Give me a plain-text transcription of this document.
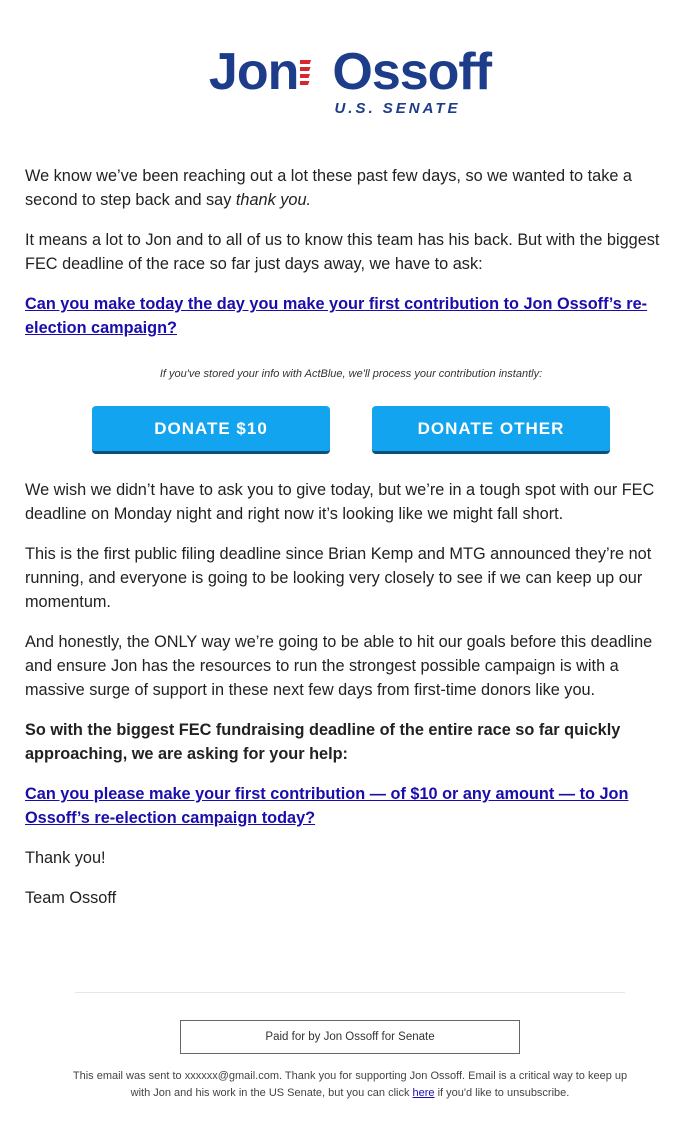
Jon Ossoff
U.S. SENATE

We know we’ve been reaching out a lot these past few days, so we wanted to take a second to step back and say thank you.

It means a lot to Jon and to all of us to know this team has his back. But with the biggest FEC deadline of the race so far just days away, we have to ask:

Can you make today the day you make your first contribution to Jon Ossoff’s re-election campaign?

If you've stored your info with ActBlue, we'll process your contribution instantly:
DONATE $10	DONATE OTHER

We wish we didn’t have to ask you to give today, but we’re in a tough spot with our FEC deadline on Monday night and right now it’s looking like we might fall short.

This is the first public filing deadline since Brian Kemp and MTG announced they’re not running, and everyone is going to be looking very closely to see if we can keep up our momentum.

And honestly, the ONLY way we’re going to be able to hit our goals before this deadline and ensure Jon has the resources to run the strongest possible campaign is with a massive surge of support in these next few days from first-time donors like you.

So with the biggest FEC fundraising deadline of the entire race so far quickly approaching, we are asking for your help:

Can you please make your first contribution — of $10 or any amount — to Jon Ossoff’s re-election campaign today?

Thank you!

Team Ossoff

Paid for by Jon Ossoff for Senate
This email was sent to xxxxxx@gmail.com. Thank you for supporting Jon Ossoff. Email is a critical way to keep up with Jon and his work in the US Senate, but you can click here if you'd like to unsubscribe.
